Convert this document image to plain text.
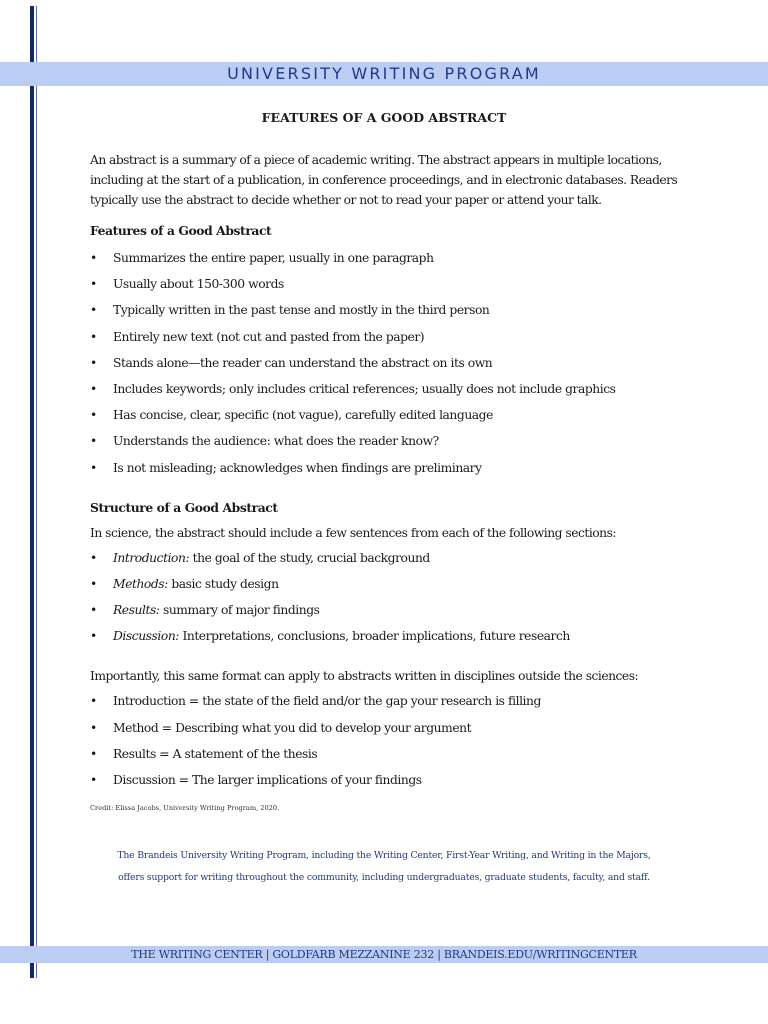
UNIVERSITY WRITING PROGRAM
FEATURES OF A GOOD ABSTRACT

An abstract is a summary of a piece of academic writing. The abstract appears in multiple locations, including at the start of a publication, in conference proceedings, and in electronic databases. Readers typically use the abstract to decide whether or not to read your paper or attend your talk.

Features of a Good Abstract
• Summarizes the entire paper, usually in one paragraph
• Usually about 150-300 words
• Typically written in the past tense and mostly in the third person
• Entirely new text (not cut and pasted from the paper)
• Stands alone—the reader can understand the abstract on its own
• Includes keywords; only includes critical references; usually does not include graphics
• Has concise, clear, specific (not vague), carefully edited language
• Understands the audience: what does the reader know?
• Is not misleading; acknowledges when findings are preliminary
Structure of a Good Abstract

In science, the abstract should include a few sentences from each of the following sections:

• Introduction: the goal of the study, crucial background
• Methods: basic study design
• Results: summary of major findings
• Discussion: Interpretations, conclusions, broader implications, future research

Importantly, this same format can apply to abstracts written in disciplines outside the sciences:

• Introduction = the state of the field and/or the gap your research is filling
• Method = Describing what you did to develop your argument
• Results = A statement of the thesis
• Discussion = The larger implications of your findings
Credit: Elissa Jacobs, University Writing Program, 2020.
The Brandeis University Writing Program, including the Writing Center, First-Year Writing, and Writing in the Majors,
offers support for writing throughout the community, including undergraduates, graduate students, faculty, and staff.
THE WRITING CENTER | GOLDFARB MEZZANINE 232 | BRANDEIS.EDU/WRITINGCENTER
